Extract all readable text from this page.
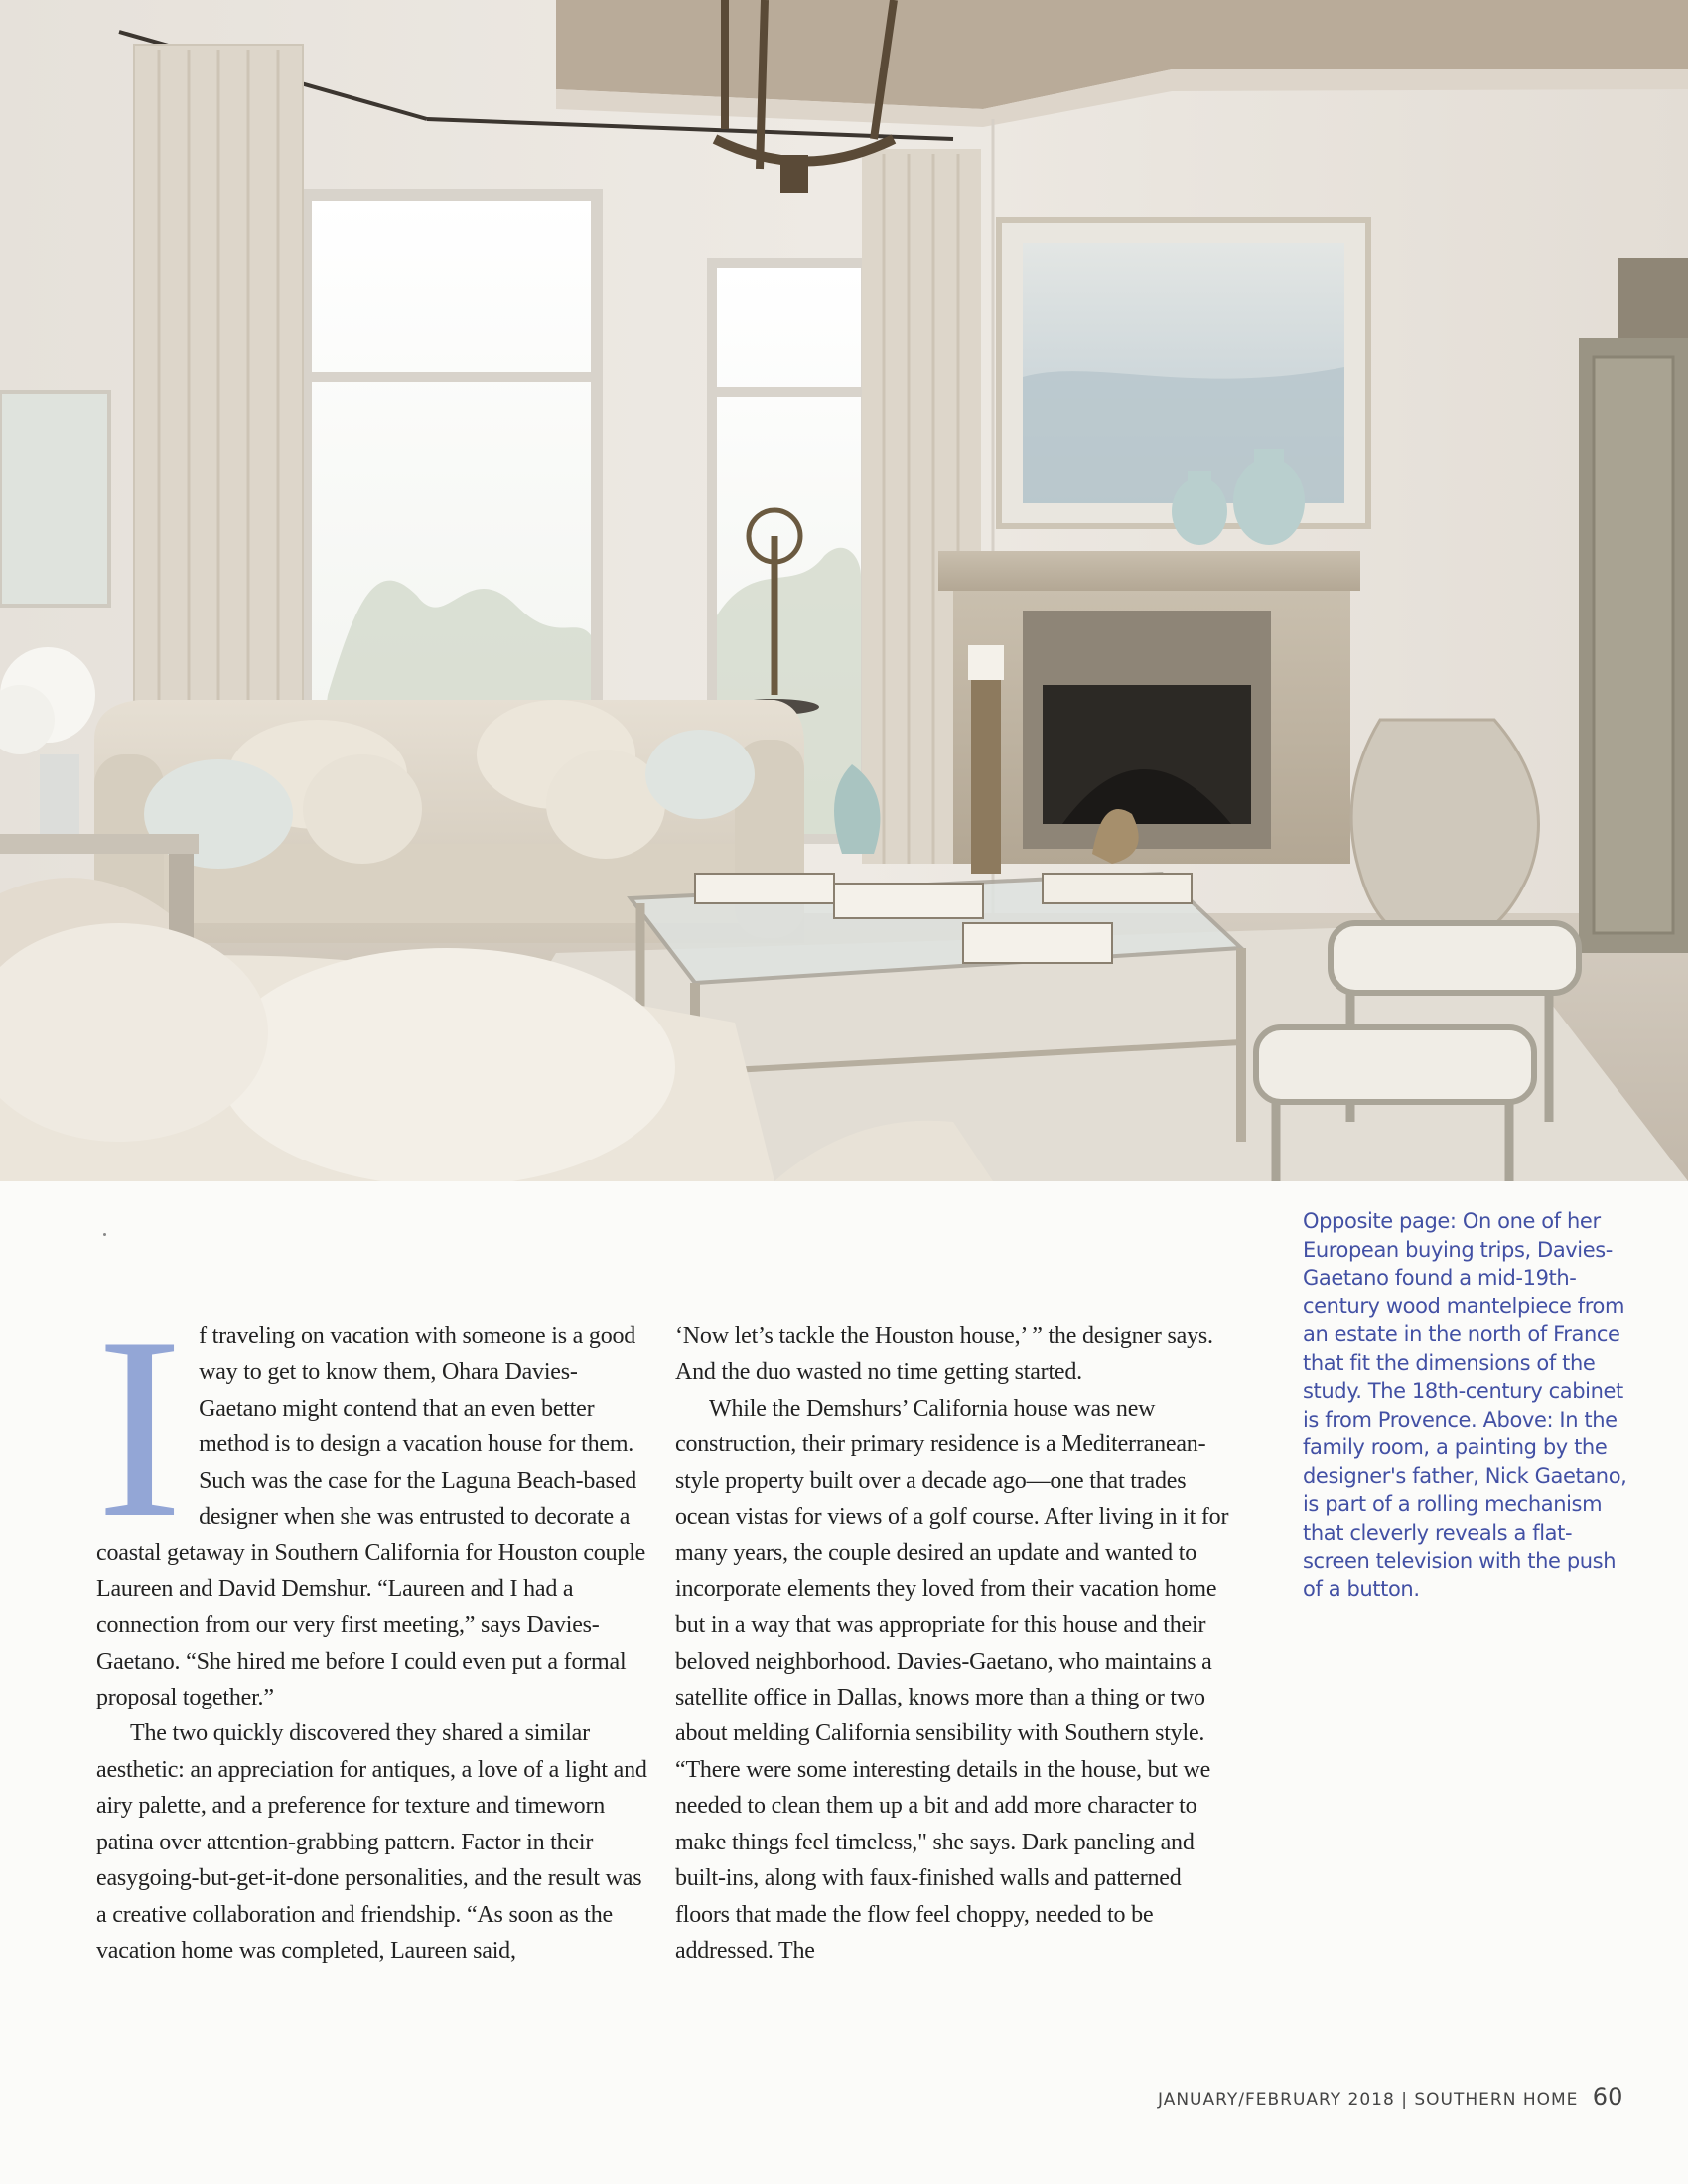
Opposite page: On one of her European buying trips, Davies-Gaetano found a mid-19th-century wood mantelpiece from an estate in the north of France that fit the dimensions of the study. The 18th-century cabinet is from Provence. Above: In the family room, a painting by the designer's father, Nick Gaetano, is part of a rolling mechanism that cleverly reveals a flat-screen television with the push of a button.

If traveling on vacation with someone is a good way to get to know them, Ohara Davies-Gaetano might contend that an even better method is to design a vacation house for them. Such was the case for the Laguna Beach-based designer when she was entrusted to decorate a coastal getaway in Southern California for Houston couple Laureen and David Demshur. “Laureen and I had a connection from our very first meeting,” says Davies-Gaetano. “She hired me before I could even put a formal proposal together.”

The two quickly discovered they shared a similar aesthetic: an appreciation for antiques, a love of a light and airy palette, and a preference for texture and timeworn patina over attention-grabbing pattern. Factor in their easygoing-but-get-it-done personalities, and the result was a creative collaboration and friendship. “As soon as the vacation home was completed, Laureen said,

‘Now let’s tackle the Houston house,’ ” the designer says. And the duo wasted no time getting started.

While the Demshurs’ California house was new construction, their primary residence is a Mediterranean-style property built over a decade ago—one that trades ocean vistas for views of a golf course. After living in it for many years, the couple desired an update and wanted to incorporate elements they loved from their vacation home but in a way that was appropriate for this house and their beloved neighborhood. Davies-Gaetano, who maintains a satellite office in Dallas, knows more than a thing or two about melding California sensibility with Southern style. “There were some interesting details in the house, but we needed to clean them up a bit and add more character to make things feel timeless," she says. Dark paneling and built-ins, along with faux-finished walls and patterned floors that made the flow feel choppy, needed to be addressed. The

JANUARY/FEBRUARY 2018 | SOUTHERN HOME 60
